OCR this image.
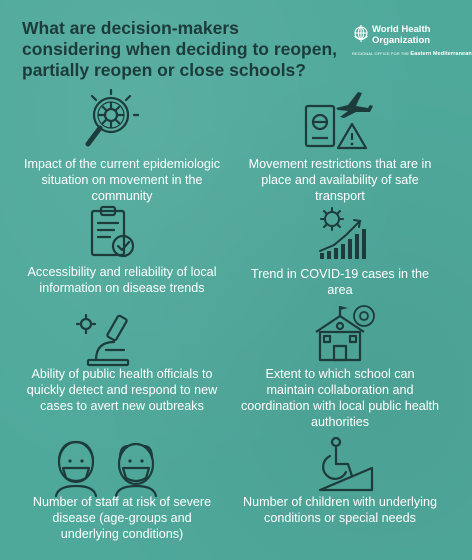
What are decision-makers considering when deciding to reopen, partially reopen or close schools?
World Health
Organization
REGIONAL OFFICE FOR THE Eastern Mediterranean

Impact of the current epidemiologic situation on movement in the community

Movement restrictions that are in place and availability of safe transport

Accessibility and reliability of local information on disease trends

Trend in COVID-19 cases in the area

Ability of public health officials to quickly detect and respond to new cases to avert new outbreaks

Extent to which school can maintain collaboration and coordination with local public health authorities

Number of staff at risk of severe disease (age-groups and underlying conditions)

Number of children with underlying conditions or special needs
